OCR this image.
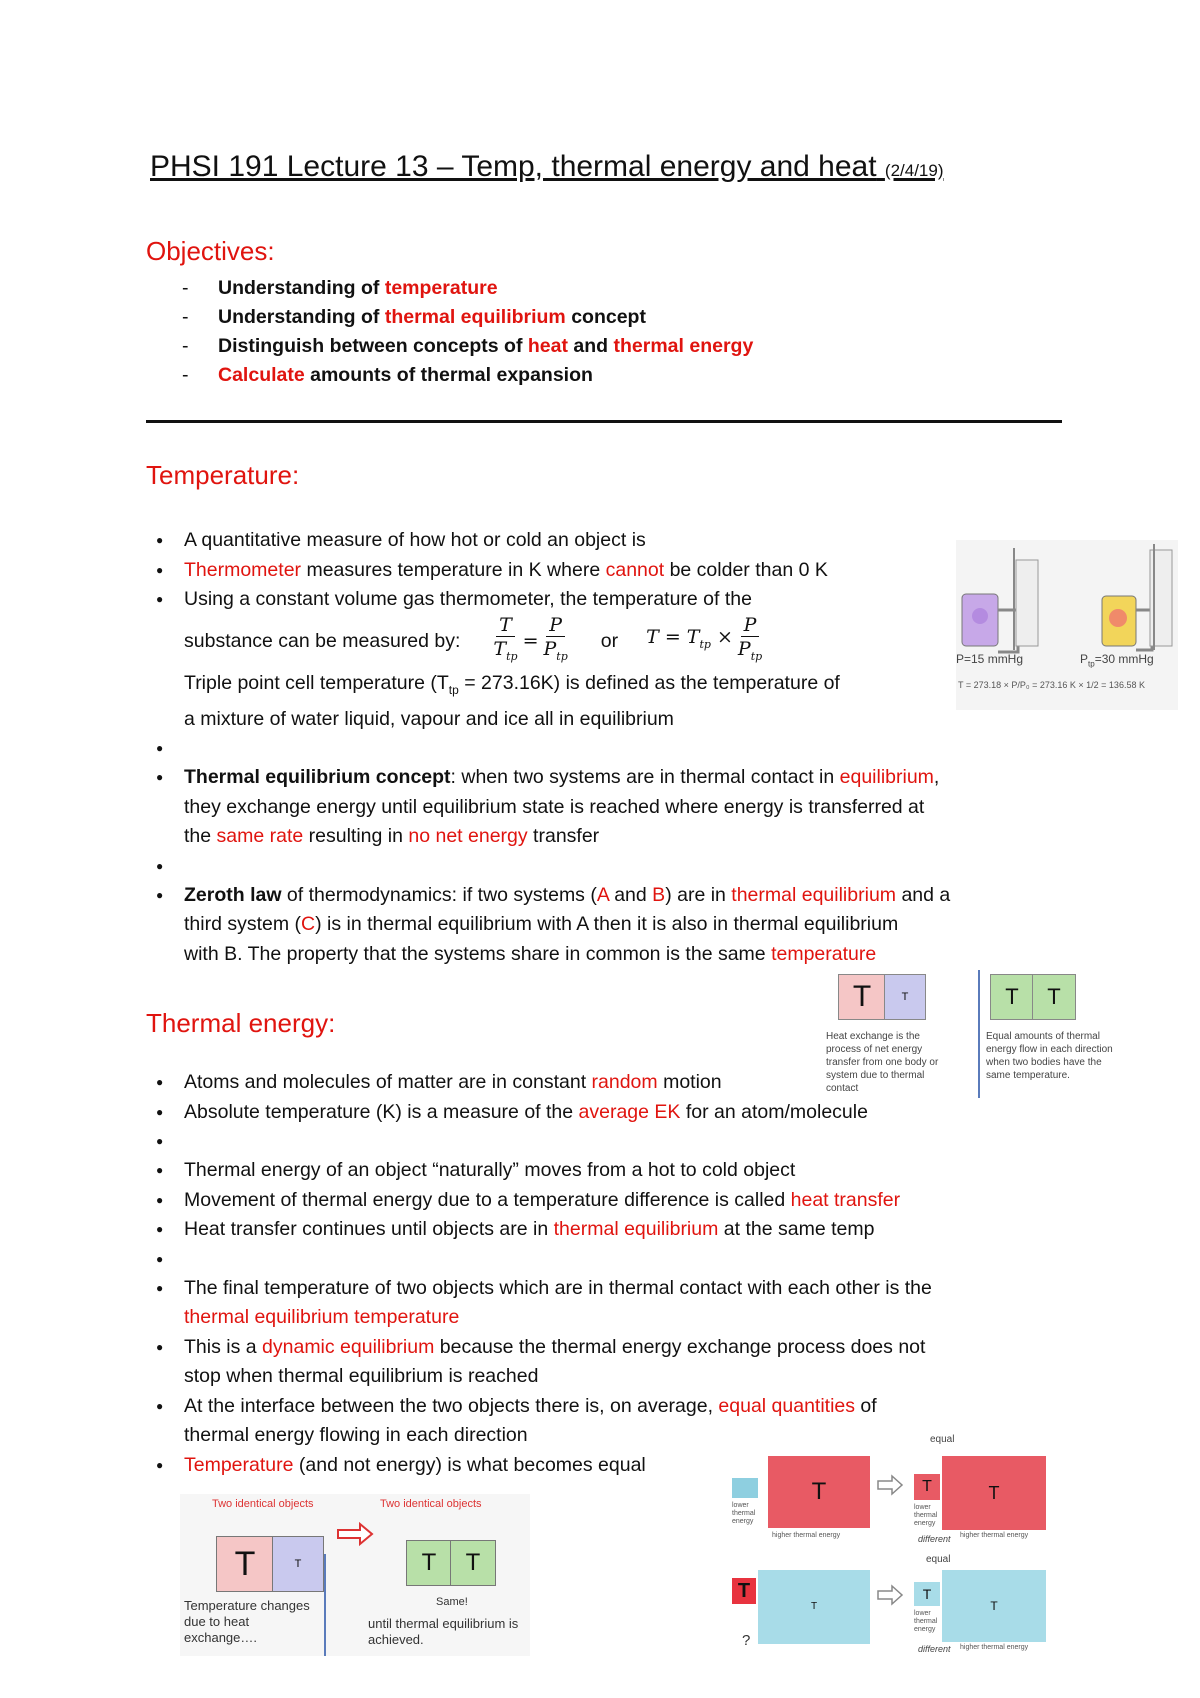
PHSI 191 Lecture 13 – Temp, thermal energy and heat (2/4/19)
Objectives:
- Understanding of temperature
- Understanding of thermal equilibrium concept
- Distinguish between concepts of heat and thermal energy
- Calculate amounts of thermal expansion
Temperature:
● A quantitative measure of how hot or cold an object is
● Thermometer measures temperature in K where cannot be colder than 0 K
● Using a constant volume gas thermometer, the temperature of the

substance can be measured by: $\frac{T}{T_{tp}} = \frac{P}{P_{tp}}$ or $T = T_{tp} \times \frac{P}{P_{tp}}$
Triple point cell temperature $(T_{tp} = 273.16K)$ is defined as the temperature of
a mixture of water liquid, vapour and ice all in equilibrium
●
● Thermal equilibrium concept: when two systems are in thermal contact in equilibrium,
they exchange energy until equilibrium state is reached where energy is transferred at
the same rate resulting in no net energy transfer
●
● Zeroth law of thermodynamics: if two systems (A and B) are in thermal equilibrium and a
third system (C) is in thermal equilibrium with A then it is also in thermal equilibrium
with B. The property that the systems share in common is the same temperature
P=15 mmHg	$P_{tp}=30$ mmHg
T = 273.18 × P/P₀ = 273.16 K × 1/2 = 136.58 K
Thermal energy:
T	T	T	T
Heat exchange is the process of net energy transfer from one body or system due to thermal contact
Equal amounts of thermal energy flow in each direction when two bodies have the same temperature.
● Atoms and molecules of matter are in constant random motion
● Absolute temperature (K) is a measure of the average EK for an atom/molecule
●
● Thermal energy of an object “naturally” moves from a hot to cold object
● Movement of thermal energy due to a temperature difference is called heat transfer
● Heat transfer continues until objects are in thermal equilibrium at the same temp
●
● The final temperature of two objects which are in thermal contact with each other is the
thermal equilibrium temperature
● This is a dynamic equilibrium because the thermal energy exchange process does not
stop when thermal equilibrium is reached
● At the interface between the two objects there is, on average, equal quantities of
thermal energy flowing in each direction
● Temperature (and not energy) is what becomes equal
Two identical objects	Two identical objects
T	T	T	T
Same!
Temperature changes due to heat exchange….
until thermal equilibrium is achieved.
equal
lower thermal energy
T
higher thermal energy
T
lower thermal energy
T
different higher thermal energy
equal
T
T
?
T
lower thermal energy
T
higher thermal energy
different
